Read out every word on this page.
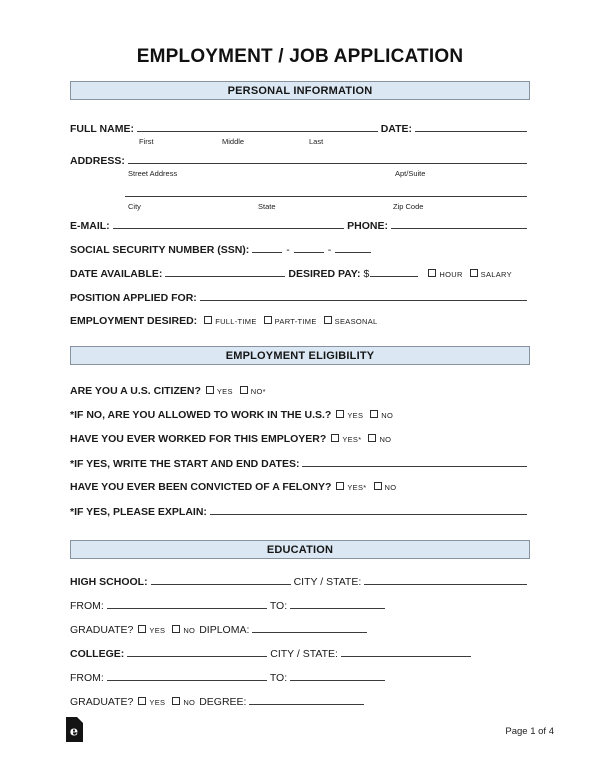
EMPLOYMENT / JOB APPLICATION
PERSONAL INFORMATION
FULL NAME:	DATE:
First	Middle	Last
ADDRESS:
Street Address	Apt/Suite
City	State	Zip Code
E-MAIL:	PHONE:
SOCIAL SECURITY NUMBER (SSN):	-	-
DATE AVAILABLE:	DESIRED PAY: $	HOUR SALARY
POSITION APPLIED FOR:
EMPLOYMENT DESIRED: FULL-TIME PART-TIME SEASONAL
EMPLOYMENT ELIGIBILITY
ARE YOU A U.S. CITIZEN? YES NO*
*IF NO, ARE YOU ALLOWED TO WORK IN THE U.S.? YES NO
HAVE YOU EVER WORKED FOR THIS EMPLOYER? YES* NO
*IF YES, WRITE THE START AND END DATES:
HAVE YOU EVER BEEN CONVICTED OF A FELONY? YES* NO
*IF YES, PLEASE EXPLAIN:
EDUCATION
HIGH SCHOOL:	CITY / STATE:
FROM:	TO:
GRADUATE? YES NO DIPLOMA:
COLLEGE:	CITY / STATE:
FROM:	TO:
GRADUATE? YES NO DEGREE:
e	Page 1 of 4
